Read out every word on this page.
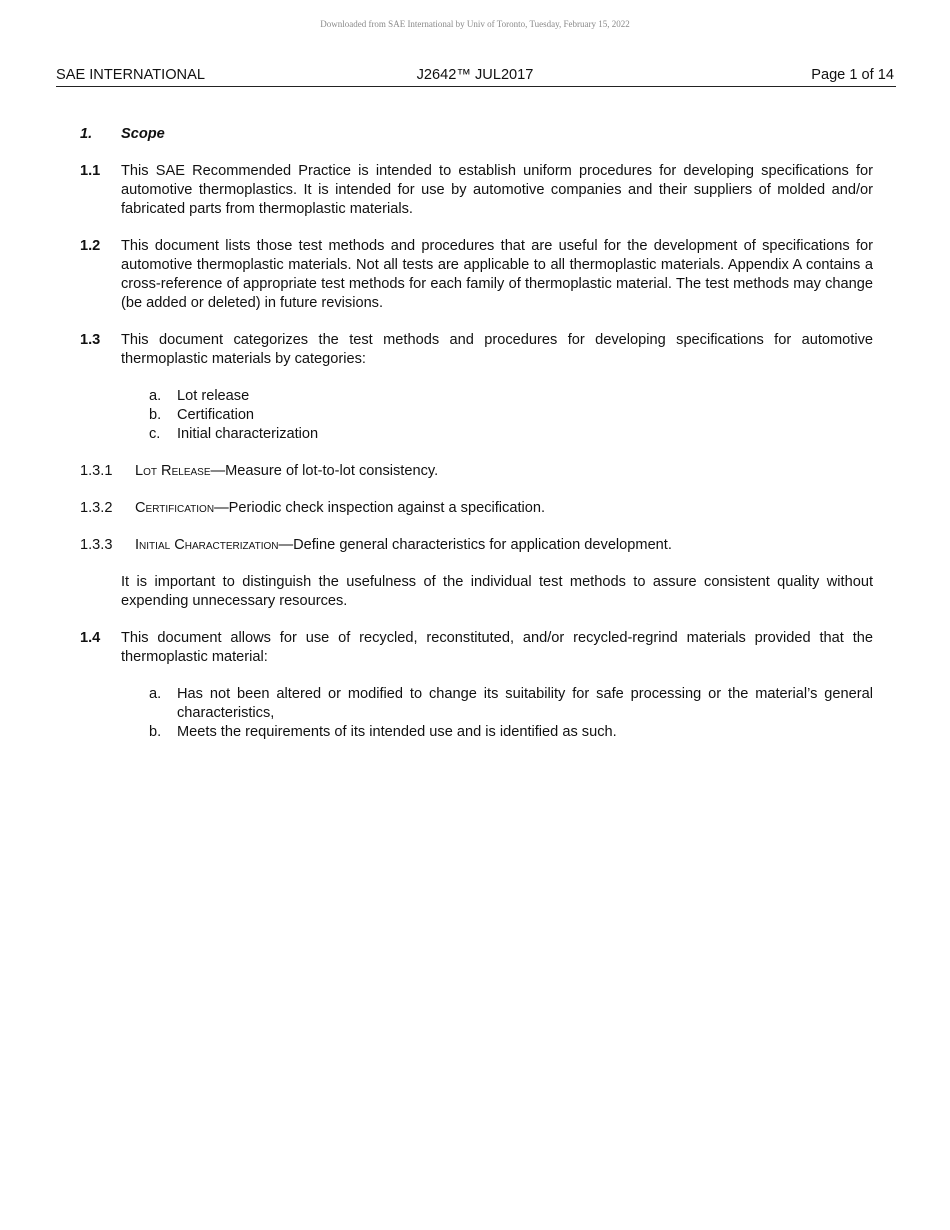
Downloaded from SAE International by Univ of Toronto, Tuesday, February 15, 2022
SAE INTERNATIONAL	J2642™ JUL2017	Page 1 of 14
1. Scope
1.1 This SAE Recommended Practice is intended to establish uniform procedures for developing specifications for automotive thermoplastics. It is intended for use by automotive companies and their suppliers of molded and/or fabricated parts from thermoplastic materials.
1.2 This document lists those test methods and procedures that are useful for the development of specifications for automotive thermoplastic materials. Not all tests are applicable to all thermoplastic materials. Appendix A contains a cross-reference of appropriate test methods for each family of thermoplastic material. The test methods may change (be added or deleted) in future revisions.
1.3 This document categorizes the test methods and procedures for developing specifications for automotive thermoplastic materials by categories:
a. Lot release
b. Certification
c. Initial characterization
1.3.1 Lot Release—Measure of lot-to-lot consistency.
1.3.2 Certification—Periodic check inspection against a specification.
1.3.3 Initial Characterization—Define general characteristics for application development.
It is important to distinguish the usefulness of the individual test methods to assure consistent quality without expending unnecessary resources.
1.4 This document allows for use of recycled, reconstituted, and/or recycled-regrind materials provided that the thermoplastic material:
a. Has not been altered or modified to change its suitability for safe processing or the material’s general characteristics,
b. Meets the requirements of its intended use and is identified as such.
